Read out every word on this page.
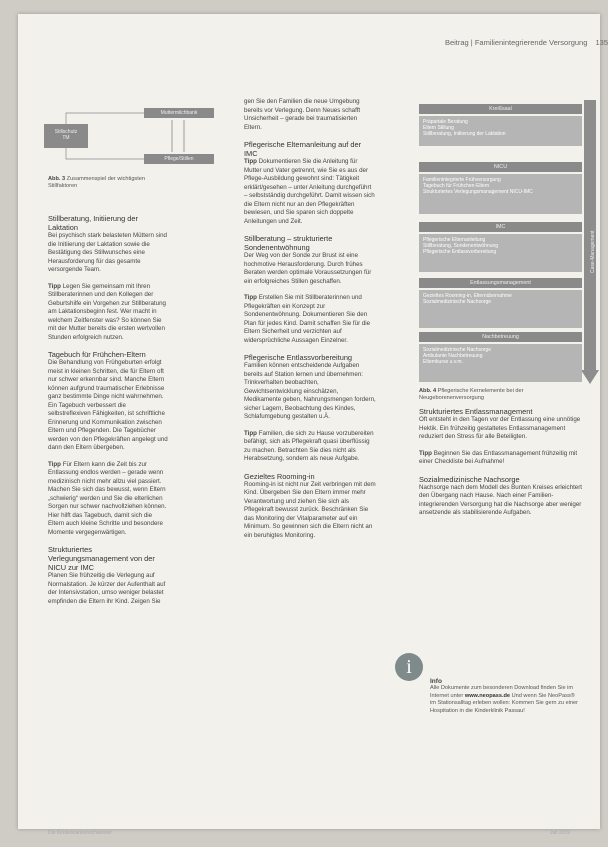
Beitrag | Familienintegrierende Versorgung 135
Stillschutz
TM
Muttermilchbank
Pflege/Stillen
Abb. 3 Zusammenspiel der wichtigsten Stillfaktoren
Stillberatung, Initiierung der Laktation

Bei psychisch stark belasteten Müttern sind die Initiierung der Laktation sowie die Bestätigung des Stillwunsches eine Herausforderung für das gesamte versorgende Team.

Tipp Legen Sie gemeinsam mit Ihren Stillberaterinnen und den Kollegen der Geburtshilfe ein Vorgehen zur Stillberatung am Laktationsbeginn fest. Wer macht in welchem Zeitfenster was? So können Sie mit der Mutter bereits die ersten wertvollen Stunden erfolgreich nutzen.

Tagebuch für Frühchen-Eltern

Die Behandlung von Frühgeburten erfolgt meist in kleinen Schritten, die für Eltern oft nur schwer erkennbar sind. Manche Eltern können aufgrund traumatischer Erlebnisse ganz bestimmte Dinge nicht wahrnehmen. Ein Tagebuch verbessert die selbstreflexiven Fähigkeiten, ist schriftliche Erinnerung und Kommunikation zwischen Eltern und Pflegenden. Die Tagebücher werden von den Pflegekräften angelegt und dann den Eltern übergeben.

Tipp Für Eltern kann die Zeit bis zur Entlassung endlos werden – gerade wenn medizinisch nicht mehr allzu viel passiert. Machen Sie sich das bewusst, wenn Eltern „schwierig“ werden und Sie die elterlichen Sorgen nur schwer nachvollziehen können. Hier hilft das Tagebuch, damit sich die Eltern auch kleine Schritte und besondere Momente vergegenwärtigen.

Strukturiertes Verlegungsmanagement von der NICU zur IMC

Planen Sie frühzeitig die Verlegung auf Normalstation. Je kürzer der Aufenthalt auf der Intensivstation, umso weniger belastet empfinden die Eltern ihr Kind. Zeigen Sie

gen Sie den Familien die neue Umgebung bereits vor Verlegung. Denn Neues schafft Unsicherheit – gerade bei traumatisierten Eltern.

Pflegerische Elternanleitung auf der IMC

Tipp Dokumentieren Sie die Anleitung für Mutter und Vater getrennt, wie Sie es aus der Pflege-Ausbildung gewohnt sind: Tätigkeit erklärt/gesehen – unter Anleitung durchgeführt – selbstständig durchgeführt. Damit wissen sich die Eltern nicht nur an den Pflegekräften bewiesen, und Sie sparen sich doppelte Anleitungen und Zeit.

Stillberatung – strukturierte Sondenentwöhnung

Der Weg von der Sonde zur Brust ist eine hochmotive Herausforderung. Durch frühes Beraten werden optimale Voraussetzungen für ein erfolgreiches Stillen geschaffen.

Tipp Erstellen Sie mit Stillberaterinnen und Pflegekräften ein Konzept zur Sondenentwöhnung. Dokumentieren Sie den Plan für jedes Kind. Damit schaffen Sie für die Eltern Sicherheit und verzichten auf widersprüchliche Aussagen Einzelner.

Pflegerische Entlassvorbereitung

Familien können entscheidende Aufgaben bereits auf Station lernen und übernehmen: Trinkverhalten beobachten, Gewichtsentwicklung einschätzen, Medikamente geben, Nahrungsmengen fordern, sicher Lagern, Beobachtung des Kindes, Schlafumgebung gestalten u.Ä.

Tipp Familien, die sich zu Hause vorzubereiten befähigt, sich als Pflegekraft quasi überflüssig zu machen. Betrachten Sie dies nicht als Herabsetzung, sondern als neue Aufgabe.

Gezieltes Rooming-in

Rooming-in ist nicht nur Zeit verbringen mit dem Kind. Übergeben Sie den Eltern immer mehr Verantwortung und ziehen Sie sich als Pflegekraft bewusst zurück. Beschränken Sie das Monitoring der Vitalparameter auf ein Minimum. So gewinnen sich die Eltern nicht an ein beruhigtes Monitoring.

Case-Management
Kreißsaal
Präpartale Beratung
Eltern Stillung
Stillberatung, Initiierung der Laktation
NICU
Familienintegrierte Frühversorgung
Tagebuch für Frühchen-Eltern
Strukturiertes Verlegungsmanagement NICU-IMC
IMC
Pflegerische Elternanleitung
Stillberatung, Sondenentwöhnung
Pflegerische Entlassvorbereitung
Entlassungsmanagement
Gezieltes Rooming-in, Elternübernahme
Sozialmedizinische Nachsorge
Nachbetreuung
Sozialmedizinische Nachsorge
Ambulante Nachbetreuung
Elternkurse u.v.m.
Abb. 4 Pflegerische Kernelemente bei der Neugeborenenversorgung
Strukturiertes Entlassmanagement

Oft entsteht in den Tagen vor der Entlassung eine unnötige Hektik. Ein frühzeitig gestaltetes Entlassmanagement reduziert den Stress für alle Beteiligten.

Tipp Beginnen Sie das Entlassmanagement frühzeitig mit einer Checkliste bei Aufnahme!

Sozialmedizinische Nachsorge

Nachsorge nach dem Modell des Bunten Kreises erleichtert den Übergang nach Hause. Nach einer Familien-integrierenden Versorgung hat die Nachsorge aber weniger ansetzende als stabilisierende Aufgaben.

i
Info
Alle Dokumente zum besonderen Download finden Sie im Internet unter www.neopass.de Und wenn Sie NeoPass® im Stationsalltag erleben wollen: Kommen Sie gern zu einer Hospitation in die Kinderklinik Passau!
Die Kinderkrankenschwester	Juli 2019
